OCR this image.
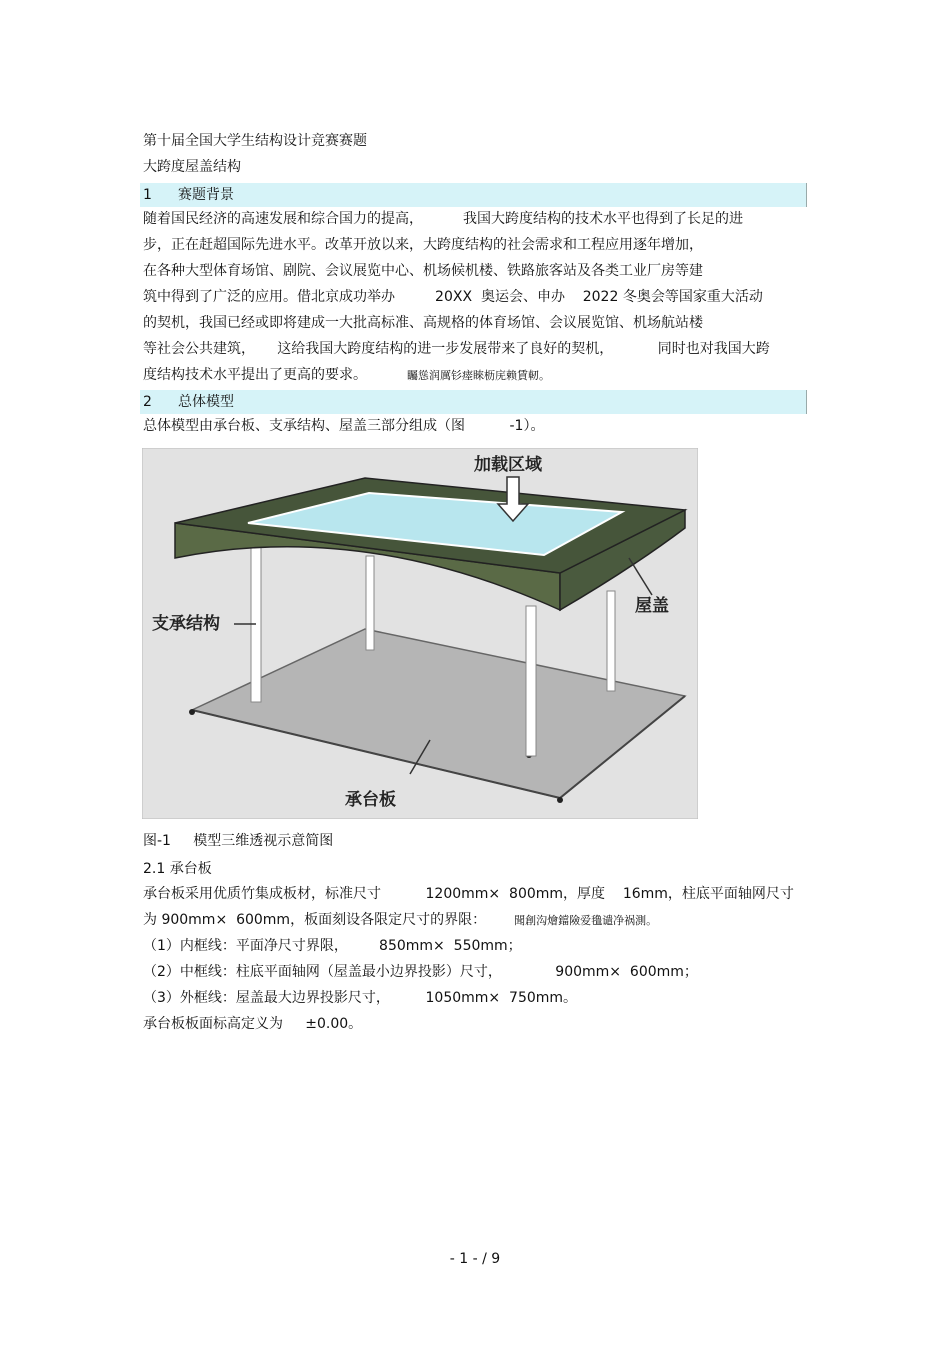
第十届全国大学生结构设计竞赛赛题
大跨度屋盖结构
1 赛题背景
随着国民经济的高速发展和综合国力的提高，         我国大跨度结构的技术水平也得到了长足的进
步，正在赶超国际先进水平。改革开放以来，大跨度结构的社会需求和工程应用逐年增加，
在各种大型体育场馆、剧院、会议展览中心、机场候机楼、铁路旅客站及各类工业厂房等建
筑中得到了广泛的应用。借北京成功举办         20XX  奥运会、申办    2022 冬奥会等国家重大活动
的契机，我国已经或即将建成一大批高标准、高规格的体育场馆、会议展览馆、机场航站楼
等社会公共建筑，     这给我国大跨度结构的进一步发展带来了良好的契机，          同时也对我国大跨
度结构技术水平提出了更高的要求。	矚慫润厲钐瘗睞枥庑赖賃軔。
2 总体模型
总体模型由承台板、支承结构、屋盖三部分组成（图          -1）。
加载区域
屋盖
支承结构
承台板
图-1     模型三维透视示意简图
2.1 承台板
承台板采用优质竹集成板材，标准尺寸          1200mm×  800mm，厚度    16mm，柱底平面轴网尺寸
为 900mm×  600mm，板面刻设各限定尺寸的界限：	聞創沟燴鐺險爱氇谴净祸測。
（1）内框线：平面净尺寸界限，       850mm×  550mm；
（2）中框线：柱底平面轴网（屋盖最小边界投影）尺寸，            900mm×  600mm；
（3）外框线：屋盖最大边界投影尺寸，        1050mm×  750mm。
承台板板面标高定义为     ±0.00。
- 1 - / 9
